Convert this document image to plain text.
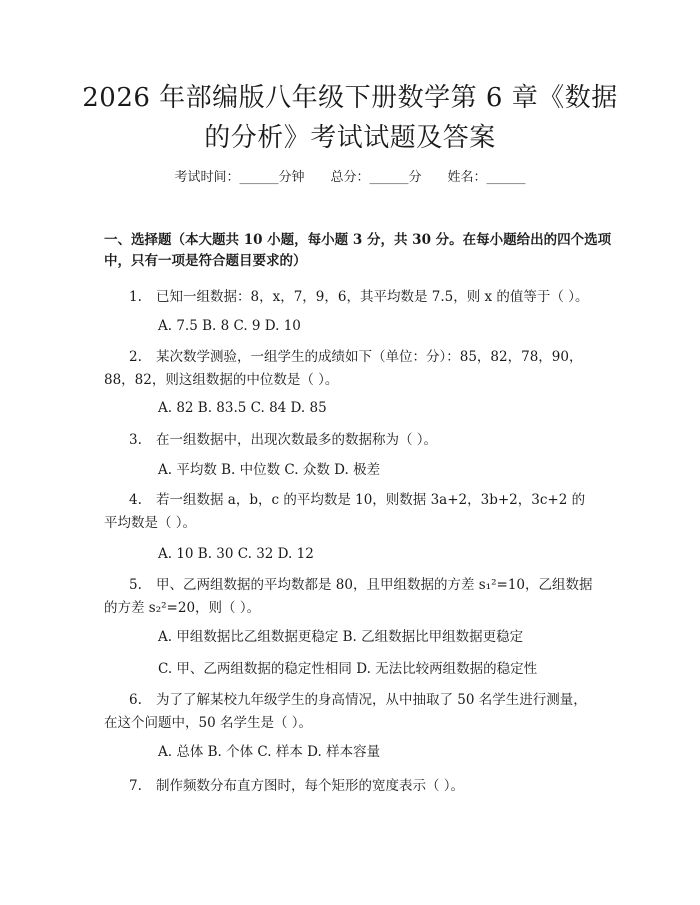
2026 年部编版八年级下册数学第 6 章《数据
的分析》考试试题及答案
考试时间：______分钟 总分：______分 姓名：______
一、选择题（本大题共 10 小题，每小题 3 分，共 30 分。在每小题给出的四个选项中，只有一项是符合题目要求的）
1. 已知一组数据：8，x，7，9，6，其平均数是 7.5，则 x 的值等于（ ）。
A. 7.5 B. 8 C. 9 D. 10
2. 某次数学测验，一组学生的成绩如下（单位：分）：85，82，78，90，88，82，则这组数据的中位数是（ ）。
A. 82 B. 83.5 C. 84 D. 85
3. 在一组数据中，出现次数最多的数据称为（ ）。
A. 平均数 B. 中位数 C. 众数 D. 极差
4. 若一组数据 a，b，c 的平均数是 10，则数据 3a+2，3b+2，3c+2 的平均数是（ ）。
A. 10 B. 30 C. 32 D. 12
5. 甲、乙两组数据的平均数都是 80，且甲组数据的方差 s₁²=10，乙组数据的方差 s₂²=20，则（ ）。
A. 甲组数据比乙组数据更稳定 B. 乙组数据比甲组数据更稳定
C. 甲、乙两组数据的稳定性相同 D. 无法比较两组数据的稳定性
6. 为了了解某校九年级学生的身高情况，从中抽取了 50 名学生进行测量，在这个问题中，50 名学生是（ ）。
A. 总体 B. 个体 C. 样本 D. 样本容量
7. 制作频数分布直方图时，每个矩形的宽度表示（ ）。
